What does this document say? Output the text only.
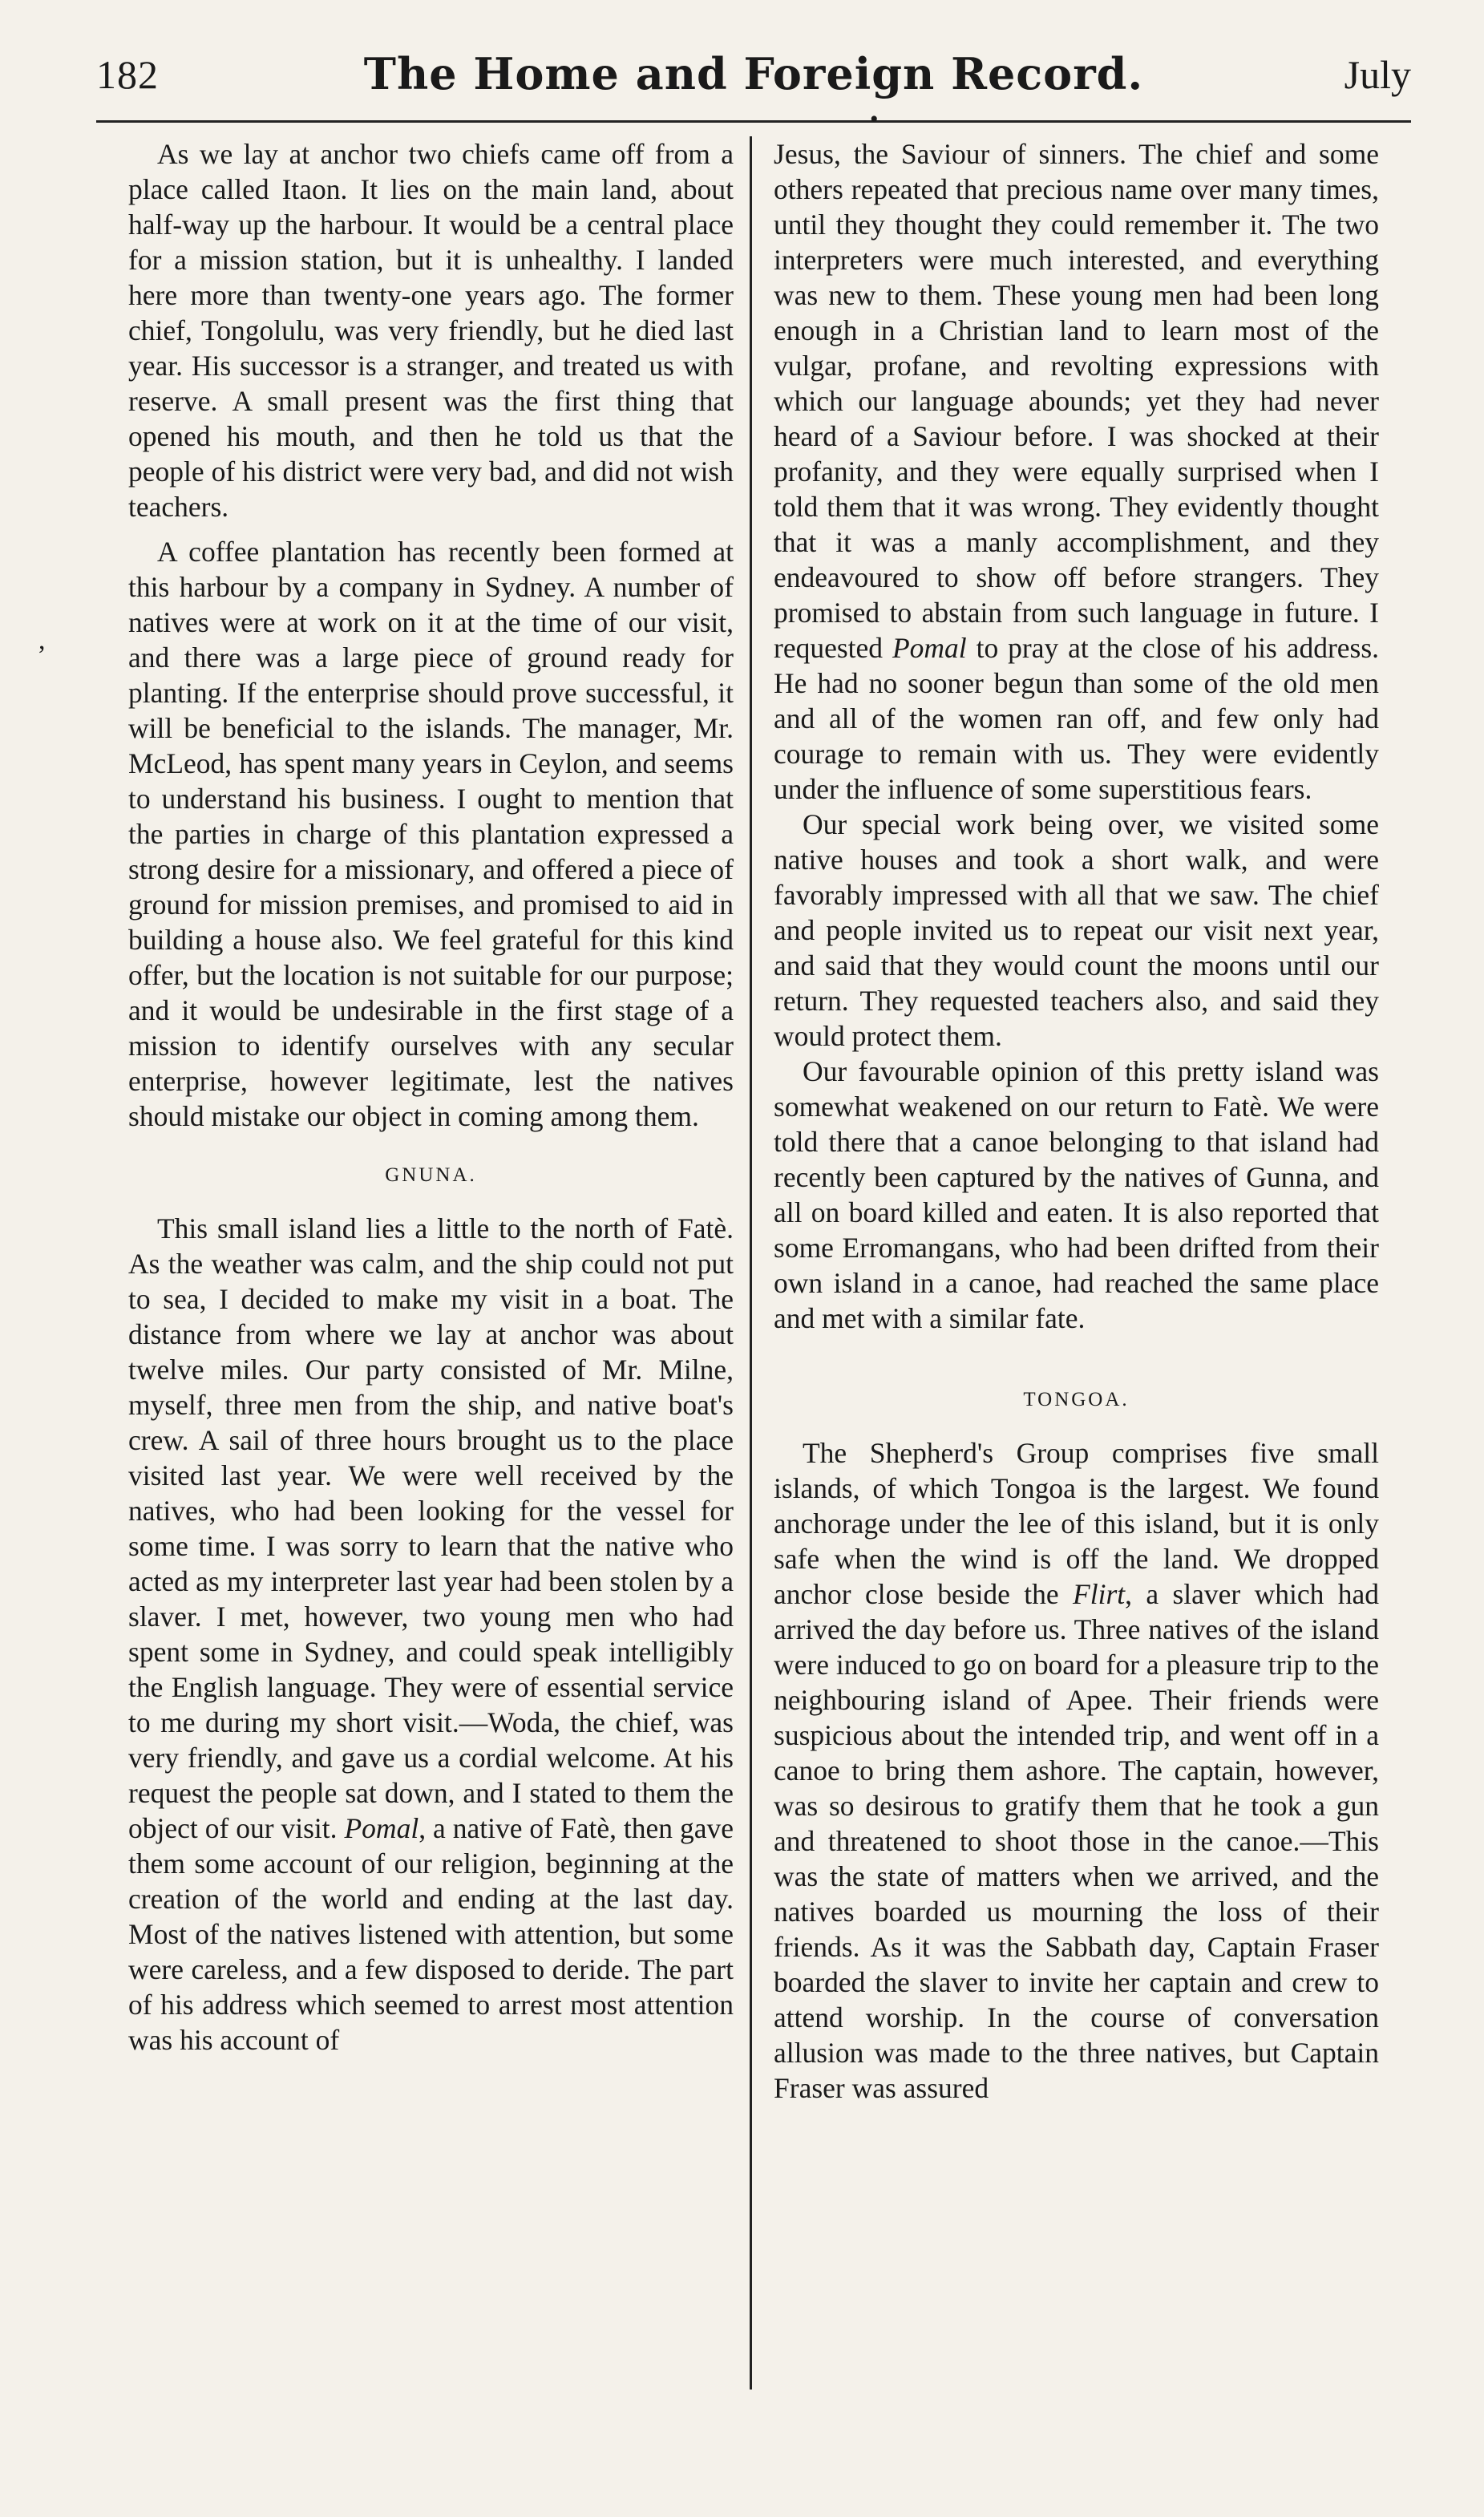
182	The Home and Foreign Record.	July
•
,

As we lay at anchor two chiefs came off from a place called Itaon. It lies on the main land, about half-way up the harbour. It would be a central place for a mission station, but it is unhealthy. I landed here more than twenty-one years ago. The former chief, Tongolulu, was very friendly, but he died last year. His successor is a stranger, and treated us with reserve. A small present was the first thing that opened his mouth, and then he told us that the people of his district were very bad, and did not wish teachers.

A coffee plantation has recently been formed at this harbour by a company in Sydney. A number of natives were at work on it at the time of our visit, and there was a large piece of ground ready for planting. If the enterprise should prove successful, it will be beneficial to the islands. The manager, Mr. McLeod, has spent many years in Ceylon, and seems to understand his business. I ought to mention that the parties in charge of this plantation expressed a strong desire for a missionary, and offered a piece of ground for mission premises, and promised to aid in building a house also. We feel grateful for this kind offer, but the location is not suitable for our purpose; and it would be undesirable in the first stage of a mission to identify ourselves with any secular enterprise, however legitimate, lest the natives should mistake our object in coming among them.

GNUNA.

This small island lies a little to the north of Fatè. As the weather was calm, and the ship could not put to sea, I decided to make my visit in a boat. The distance from where we lay at anchor was about twelve miles. Our party consisted of Mr. Milne, myself, three men from the ship, and native boat's crew. A sail of three hours brought us to the place visited last year. We were well received by the natives, who had been looking for the vessel for some time. I was sorry to learn that the native who acted as my interpreter last year had been stolen by a slaver. I met, however, two young men who had spent some in Sydney, and could speak intelligibly the English language. They were of essential service to me during my short visit.—Woda, the chief, was very friendly, and gave us a cordial welcome. At his request the people sat down, and I stated to them the object of our visit. Pomal, a native of Fatè, then gave them some account of our religion, beginning at the creation of the world and ending at the last day. Most of the natives listened with attention, but some were careless, and a few disposed to deride. The part of his address which seemed to arrest most attention was his account of

Jesus, the Saviour of sinners. The chief and some others repeated that precious name over many times, until they thought they could remember it. The two interpreters were much interested, and everything was new to them. These young men had been long enough in a Christian land to learn most of the vulgar, profane, and revolting expressions with which our language abounds; yet they had never heard of a Saviour before. I was shocked at their profanity, and they were equally surprised when I told them that it was wrong. They evidently thought that it was a manly accomplishment, and they endeavoured to show off before strangers. They promised to abstain from such language in future. I requested Pomal to pray at the close of his address. He had no sooner begun than some of the old men and all of the women ran off, and few only had courage to remain with us. They were evidently under the influence of some superstitious fears.

Our special work being over, we visited some native houses and took a short walk, and were favorably impressed with all that we saw. The chief and people invited us to repeat our visit next year, and said that they would count the moons until our return. They requested teachers also, and said they would protect them.

Our favourable opinion of this pretty island was somewhat weakened on our return to Fatè. We were told there that a canoe belonging to that island had recently been captured by the natives of Gunna, and all on board killed and eaten. It is also reported that some Erromangans, who had been drifted from their own island in a canoe, had reached the same place and met with a similar fate.

TONGOA.

The Shepherd's Group comprises five small islands, of which Tongoa is the largest. We found anchorage under the lee of this island, but it is only safe when the wind is off the land. We dropped anchor close beside the Flirt, a slaver which had arrived the day before us. Three natives of the island were induced to go on board for a pleasure trip to the neighbouring island of Apee. Their friends were suspicious about the intended trip, and went off in a canoe to bring them ashore. The captain, however, was so desirous to gratify them that he took a gun and threatened to shoot those in the canoe.—This was the state of matters when we arrived, and the natives boarded us mourning the loss of their friends. As it was the Sabbath day, Captain Fraser boarded the slaver to invite her captain and crew to attend worship. In the course of conversation allusion was made to the three natives, but Captain Fraser was assured
